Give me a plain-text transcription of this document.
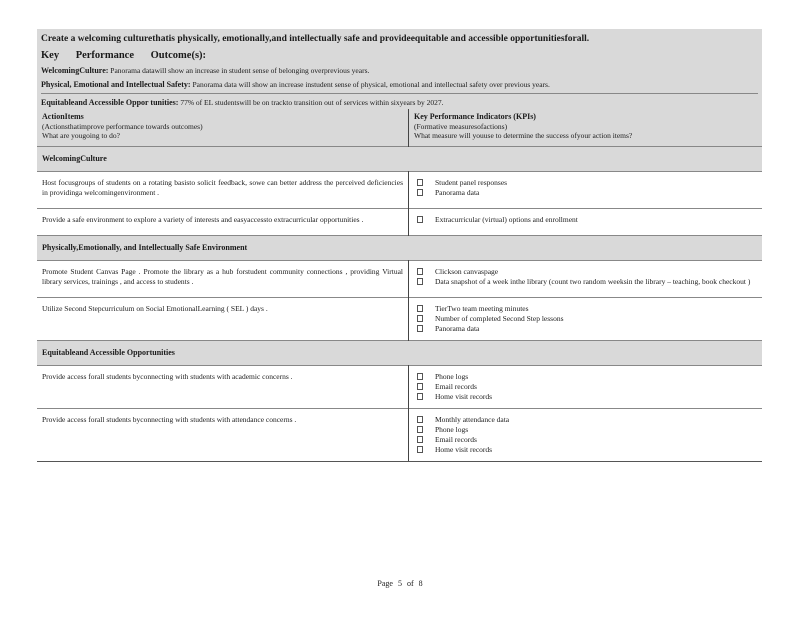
Create a welcoming culturethatis physically, emotionally,and intellectually safe and provideequitable and accessible opportunitiesforall.
Key Performance Outcome(s):
WelcomingCulture: Panorama datawill show an increase in student sense of belonging overprevious years.
Physical, Emotional and Intellectual Safety: Panorama data will show an increase instudent sense of physical, emotional and intellectual safety over previous years.
Equitableand Accessible Oppor tunities: 77% of EL studentswill be on trackto transition out of services within sixyears by 2027.
ActionItems
(Actionsthatimprove performance towards outcomes)
What are yougoing to do?	Key Performance Indicators (KPIs)
(Formative measuresofactions)
What measure will youuse to determine the success ofyour action items?
WelcomingCulture	
Host focusgroups of students on a rotating basisto solicit feedback, sowe can better address the perceived deficiencies in providinga welcomingenvironment .	Student panel responses
Panorama data

Provide a safe environment to explore a variety of interests and easyaccessto extracurricular opportunities .	Extracurricular (virtual) options and enrollment

Physically,Emotionally, and Intellectually Safe Environment	
Promote Student Canvas Page . Promote the library as a hub forstudent community connections , providing Virtual library services, trainings , and access to students .	Clickson canvaspage
Data snapshot of a week inthe library (count two random weeksin the library – teaching, book checkout )

Utilize Second Stepcurriculum on Social EmotionalLearning ( SEL ) days .	TierTwo team meeting minutes
Number of completed Second Step lessons
Panorama data

Equitableand Accessible Opportunities	
Provide access forall students byconnecting with students with academic concerns .	Phone logs
Email records
Home visit records

Provide access forall students byconnecting with students with attendance concerns .	Monthly attendance data
Phone logs
Email records
Home visit records
Page 5 of 8
